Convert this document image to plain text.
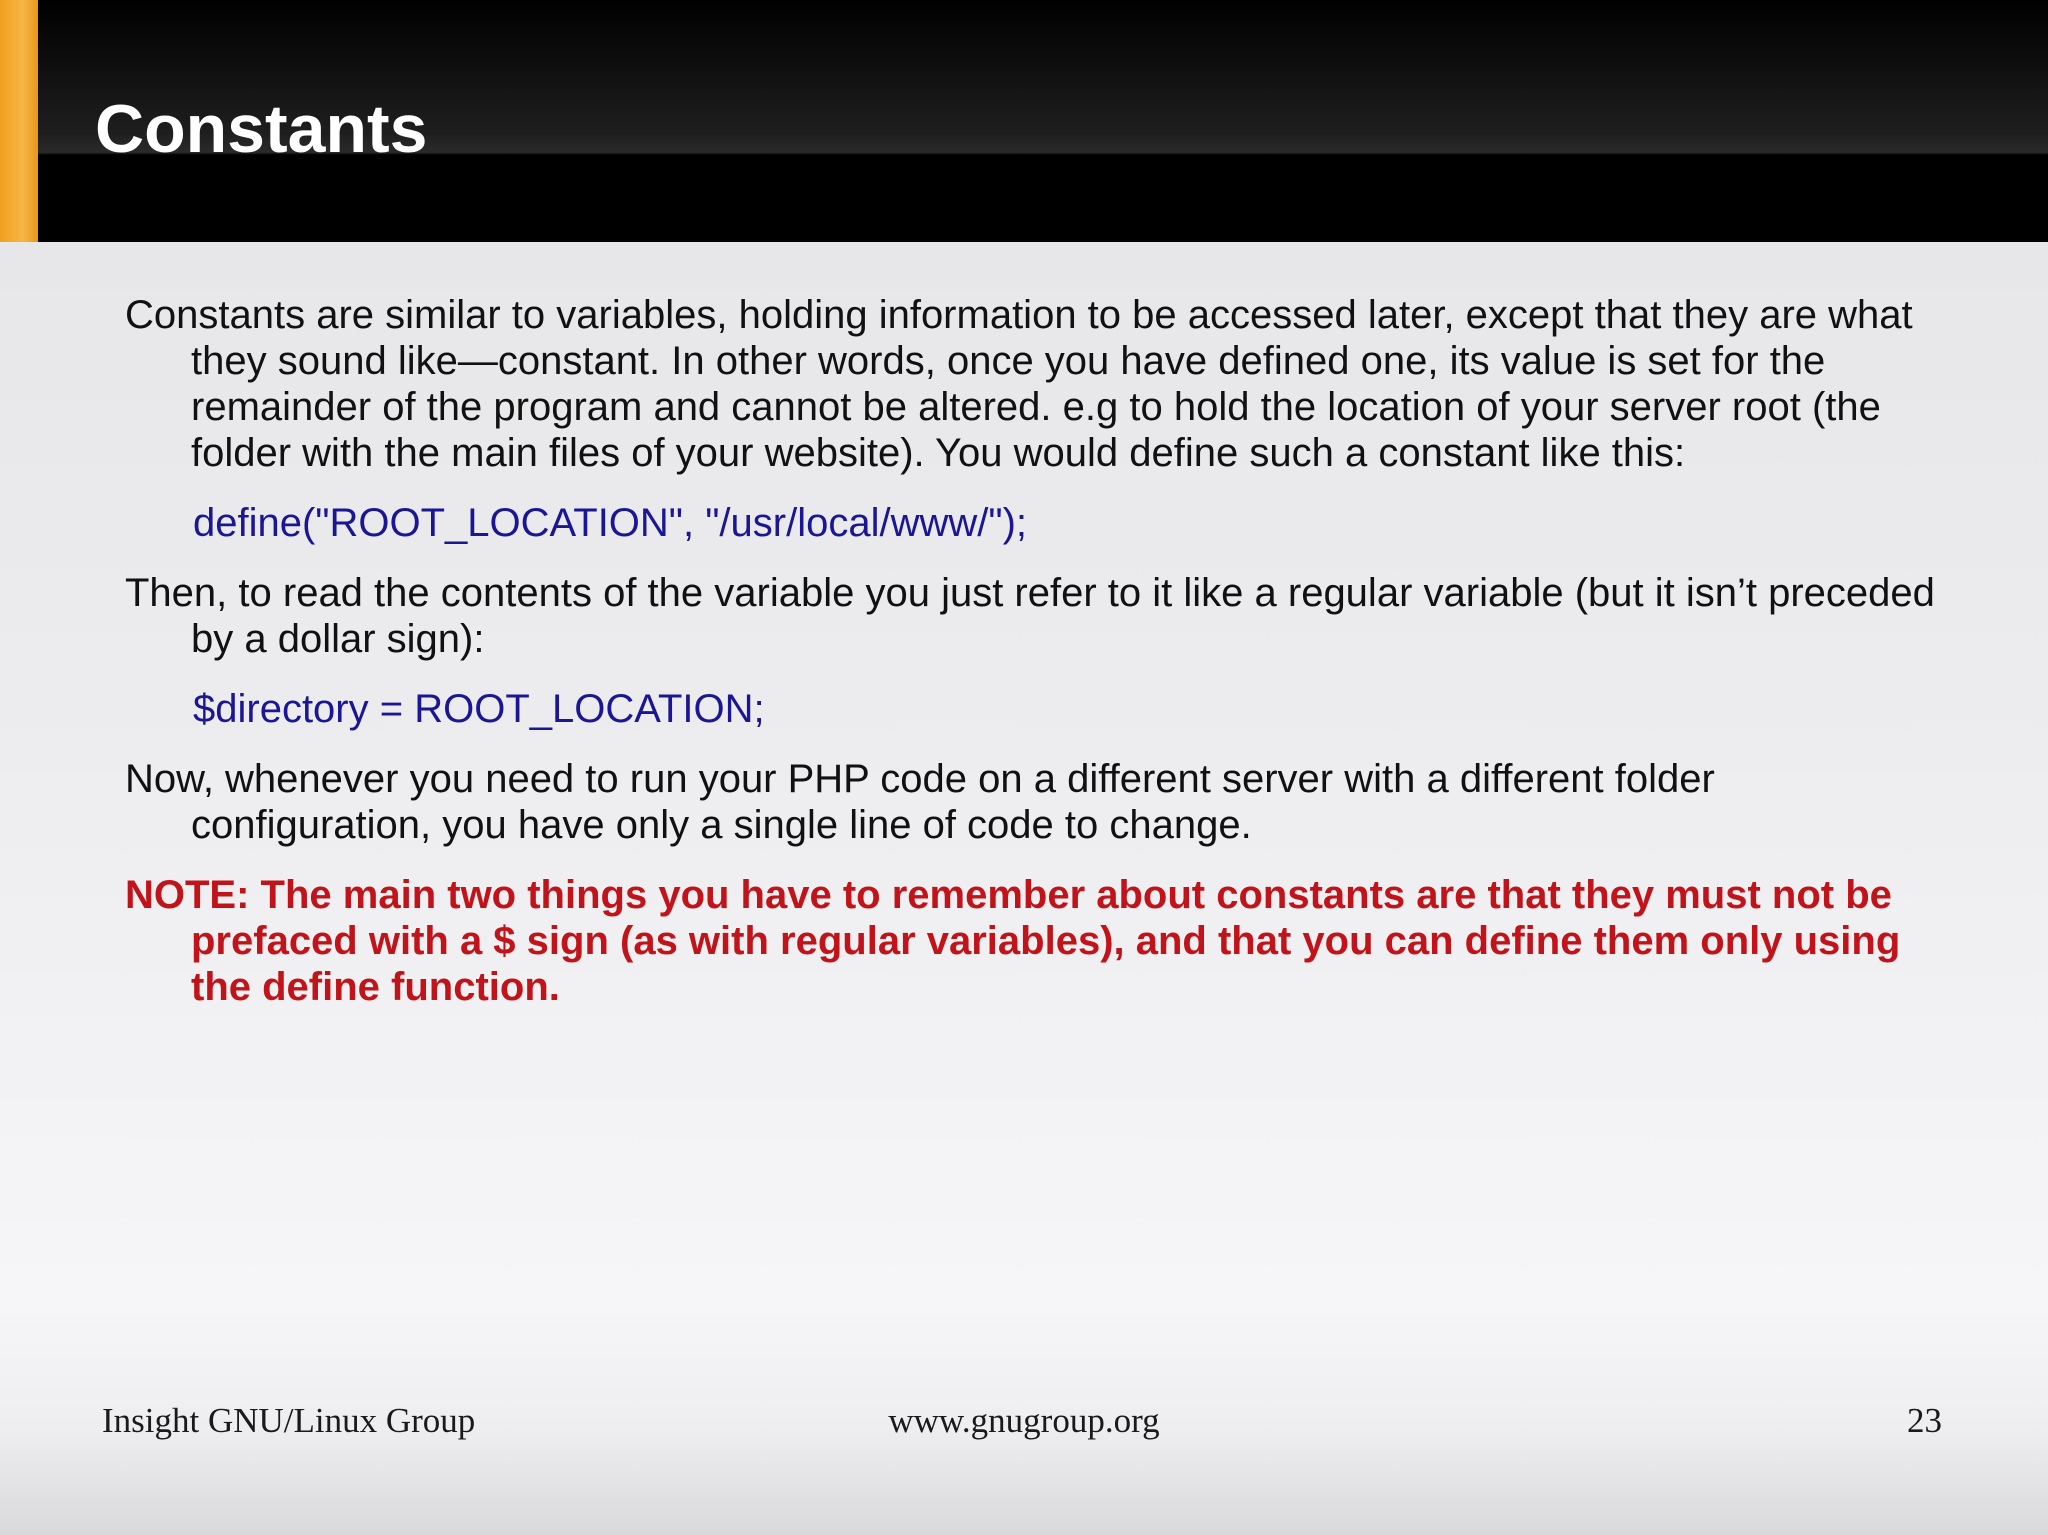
Constants

Constants are similar to variables, holding information to be accessed later, except that they are what they sound like—constant. In other words, once you have defined one, its value is set for the remainder of the program and cannot be altered. e.g to hold the location of your server root (the folder with the main files of your website). You would define such a constant like this:

define("ROOT_LOCATION", "/usr/local/www/");

Then, to read the contents of the variable you just refer to it like a regular variable (but it isn’t preceded by a dollar sign):

$directory = ROOT_LOCATION;

Now, whenever you need to run your PHP code on a different server with a different folder configuration, you have only a single line of code to change.

NOTE: The main two things you have to remember about constants are that they must not be prefaced with a $ sign (as with regular variables), and that you can define them only using the define function.

Insight GNU/Linux Group	www.gnugroup.org	23
